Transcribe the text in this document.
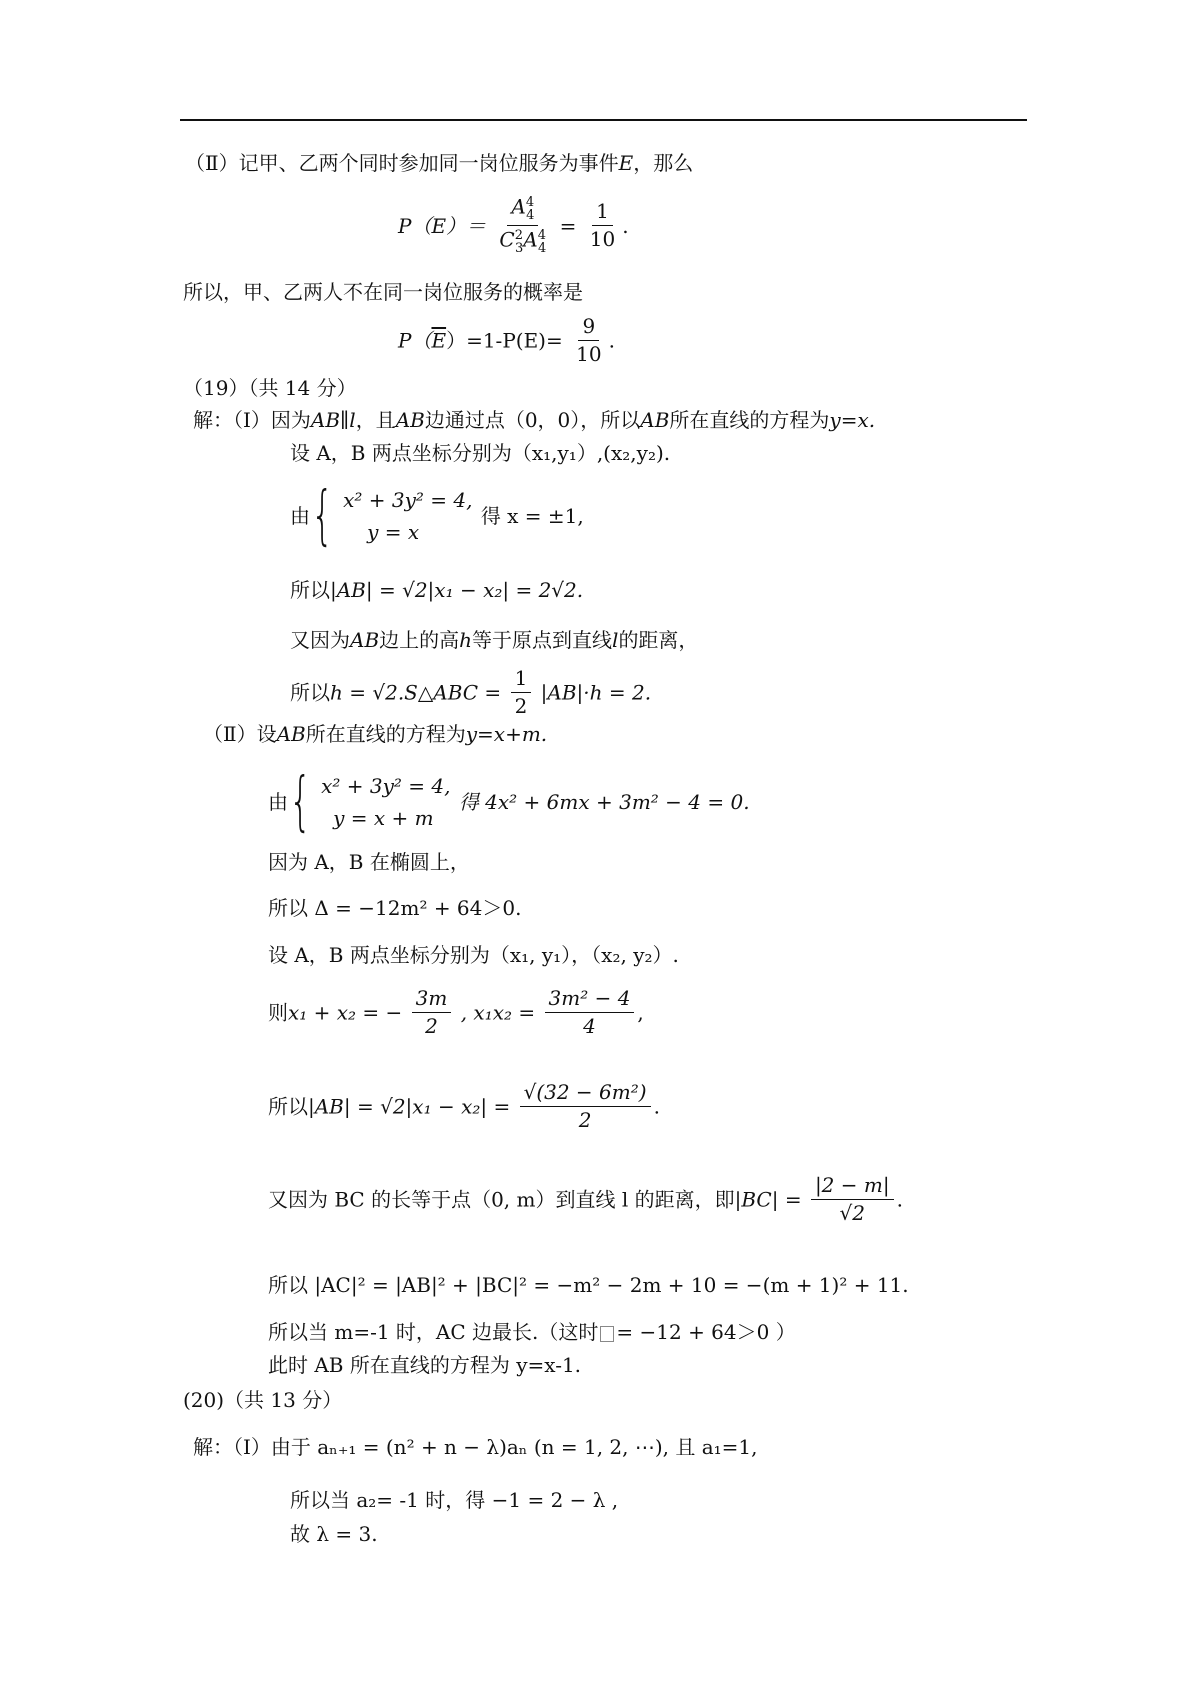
（Ⅱ）记甲、乙两个同时参加同一岗位服务为事件E，那么
$P(E)= \frac{A^4_4}{C^2_3A^4_4} = \frac{1}{10}$ .
所以，甲、乙两人不在同一岗位服务的概率是
$P(\overline{E})=1-P(E)= \frac{9}{10}$ .
（19）（共 14 分）
解：（Ⅰ）因为AB∥l，且AB边通过点（0，0），所以AB所在直线的方程为y=x.
设 A，B 两点坐标分别为（x₁,y₁）,(x₂,y₂).
由{ x² + 3y² = 4,
y = x
得 x = ±1,
所以|AB| = √2|x₁ − x₂| = 2√2.
又因为AB边上的高h等于原点到直线l的距离，
所以h = √2.S△ABC = $\frac{1}{2} |AB|\cdot h = 2$.
（Ⅱ）设AB所在直线的方程为y=x+m.
由{ x² + 3y² = 4,
y = x + m
得 4x² + 6mx + 3m² − 4 = 0.
因为 A，B 在椭圆上，
所以 Δ = −12m² + 64＞0.
设 A，B 两点坐标分别为（x₁, y₁），（x₂, y₂）.
则x₁ + x₂ = − $\frac{3m}{2}$ , $x_1x_2 = \frac{\text{3m² − 4}}{4}$ ,
所以$|AB| = √2|x_1 - x_2| = \frac{\text{√(32 − 6m²)}}{2}$ .
又因为 BC 的长等于点（0, m）到直线 l 的距离，即$|BC| = \frac{|2 - m|}{√2}$ .
所以 |AC|² = |AB|² + |BC|² = −m² − 2m + 10 = −(m + 1)² + 11.
所以当 m=-1 时，AC 边最长.（这时 = −12 + 64＞0 ）
此时 AB 所在直线的方程为 y=x-1.
(20)（共 13 分）
解：（Ⅰ）由于 aₙ₊₁ = (n² + n − λ)aₙ (n = 1, 2, ⋯), 且 a₁=1,
所以当 a₂= -1 时，得 −1 = 2 − λ ,
故 λ = 3.
